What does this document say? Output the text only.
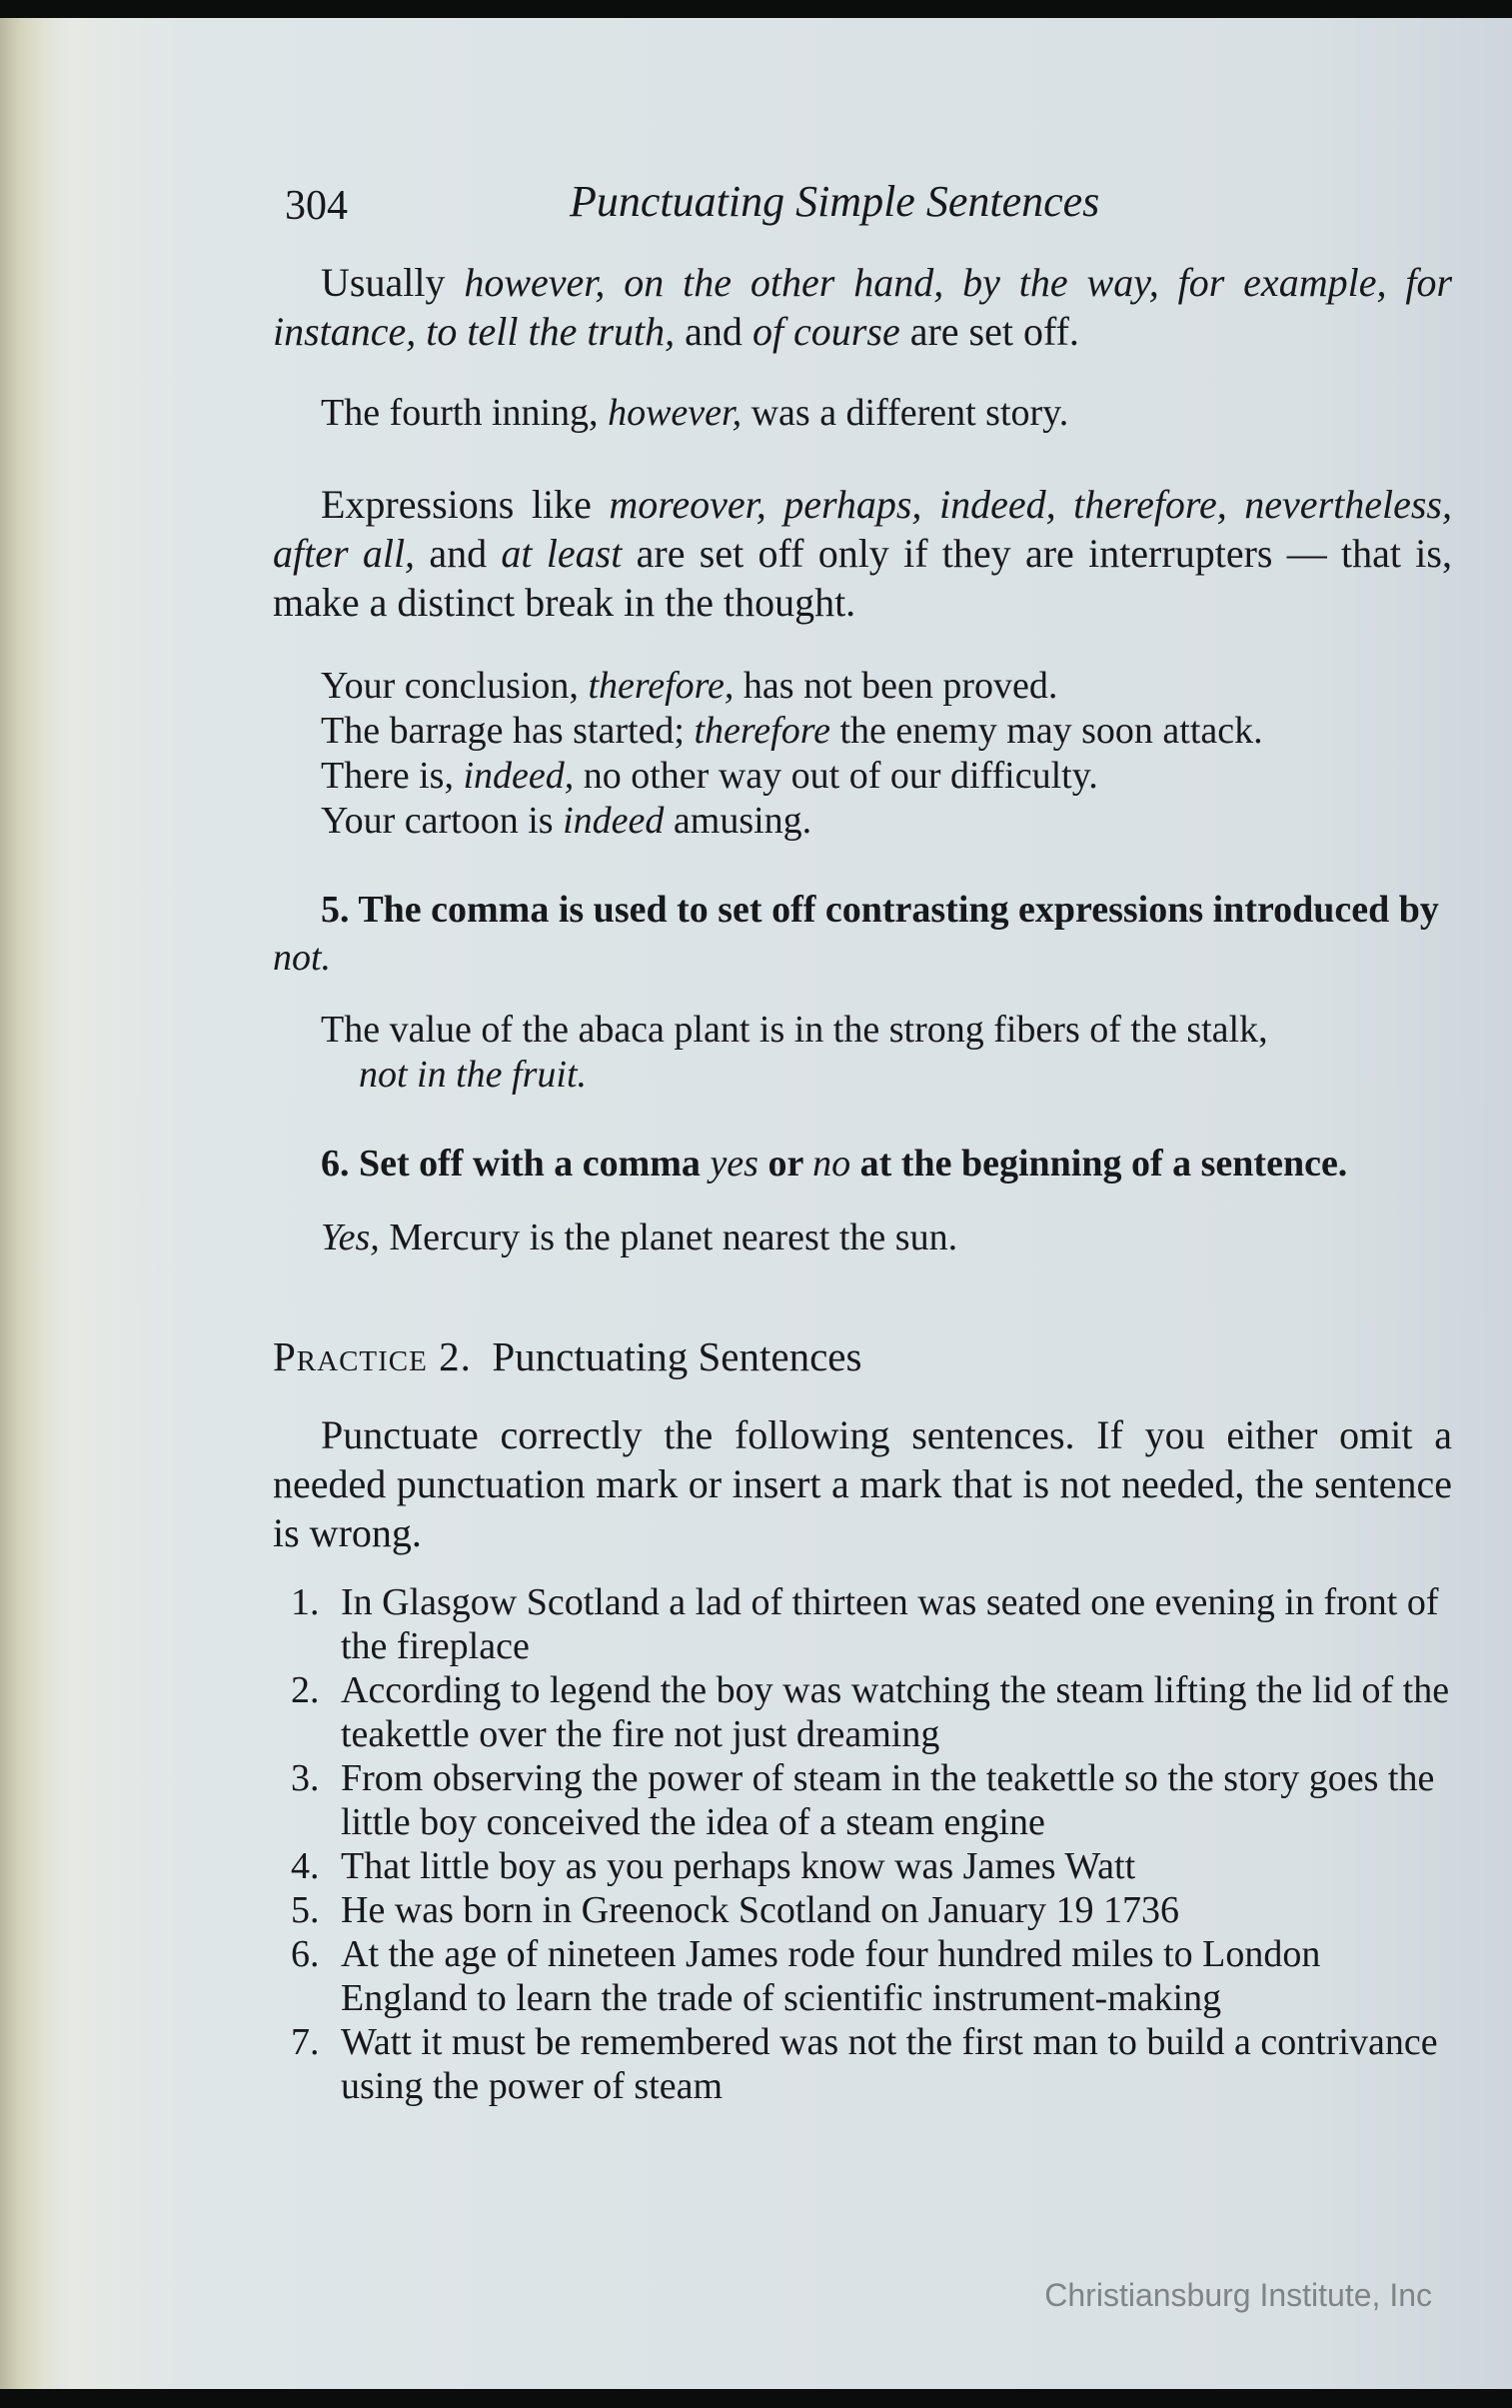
304	Punctuating Simple Sentences

Usually however, on the other hand, by the way, for example, for instance, to tell the truth, and of course are set off.

The fourth inning, however, was a different story.

Expressions like moreover, perhaps, indeed, therefore, nevertheless, after all, and at least are set off only if they are interrupters — that is, make a distinct break in the thought.

Your conclusion, therefore, has not been proved.
The barrage has started; therefore the enemy may soon attack.
There is, indeed, no other way out of our difficulty.
Your cartoon is indeed amusing.
5. The comma is used to set off contrasting expressions introduced by not.
The value of the abaca plant is in the strong fibers of the stalk,
not in the fruit.
6. Set off with a comma yes or no at the beginning of a sentence.
Yes, Mercury is the planet nearest the sun.
Practice 2. Punctuating Sentences

Punctuate correctly the following sentences. If you either omit a needed punctuation mark or insert a mark that is not needed, the sentence is wrong.

1. In Glasgow Scotland a lad of thirteen was seated one evening in front of the fireplace
2. According to legend the boy was watching the steam lifting the lid of the teakettle over the fire not just dreaming
3. From observing the power of steam in the teakettle so the story goes the little boy conceived the idea of a steam engine
4. That little boy as you perhaps know was James Watt
5. He was born in Greenock Scotland on January 19 1736
6. At the age of nineteen James rode four hundred miles to London England to learn the trade of scientific instrument-making
7. Watt it must be remembered was not the first man to build a contrivance using the power of steam
Christiansburg Institute, Inc
